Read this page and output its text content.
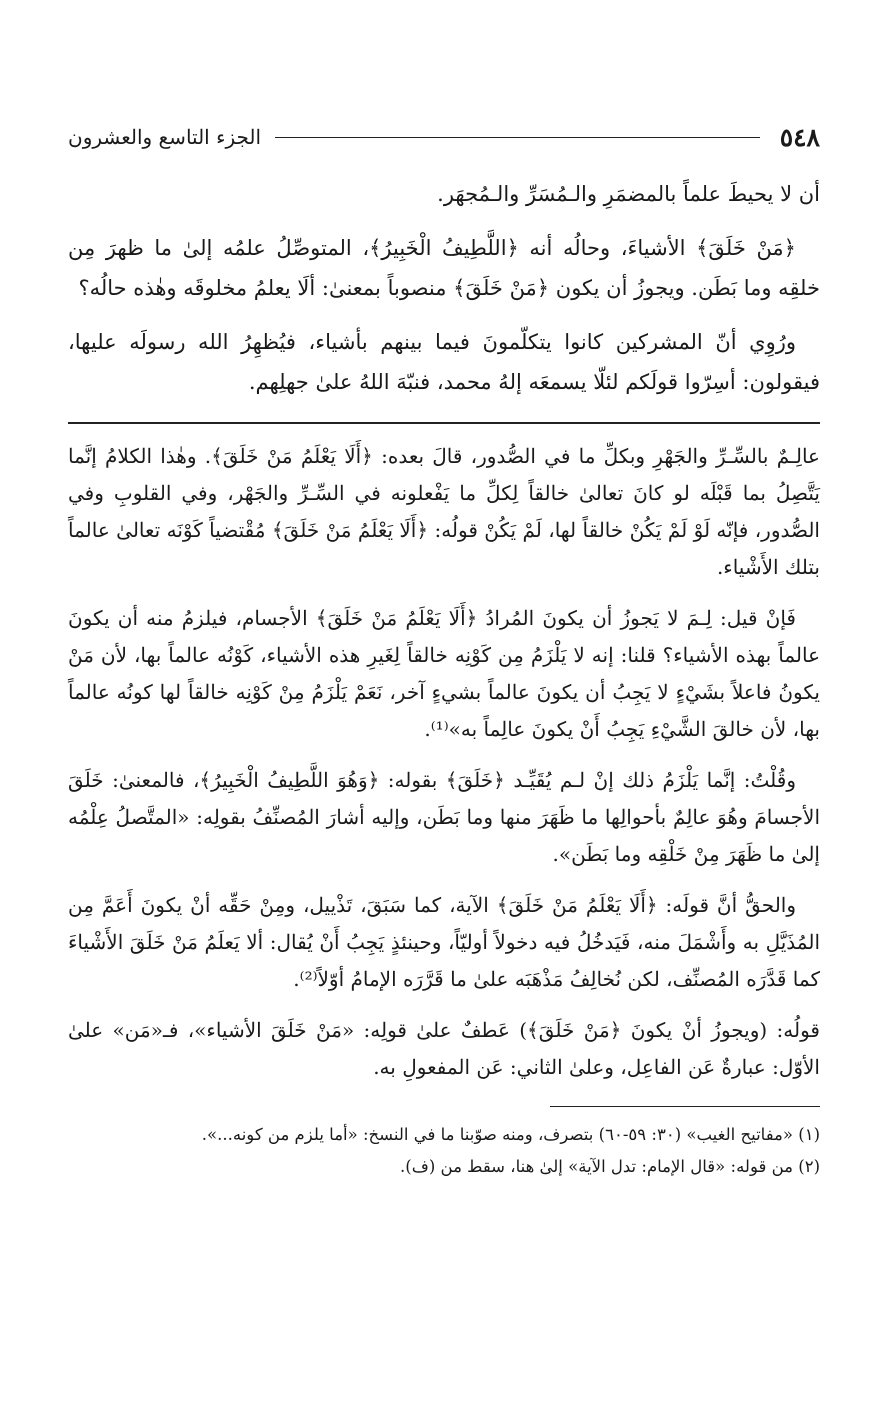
٥٤٨
الجزء التاسع والعشرون

أن لا يحيطَ علماً بالمضمَرِ والـمُسَرِّ والـمُجهَر.

﴿مَنْ خَلَقَ﴾ الأشياءَ، وحالُه أنه ﴿اللَّطِيفُ الْخَبِيرُ﴾، المتوصِّلُ علمُه إلىٰ ما ظهرَ مِن خلقِه وما بَطَن. ويجوزُ أن يكون ﴿مَنْ خَلَقَ﴾ منصوباً بمعنىٰ: ألَا يعلمُ مخلوقَه وهٰذه حالُه؟

ورُوِي أنّ المشركين كانوا يتكلّمونَ فيما بينهم بأشياء، فيُظهِرُ الله رسولَه عليها، فيقولون: أسِرّوا قولَكم لئلّا يسمعَه إلهُ محمد، فنبّهَ اللهُ علىٰ جهلِهم.

عالِـمٌ بالسِّـرِّ والجَهْرِ وبكلِّ ما في الصُّدور، قالَ بعده: ﴿أَلَا يَعْلَمُ مَنْ خَلَقَ﴾. وهٰذا الكلامُ إنَّما يَتَّصِلُ بما قَبْلَه لو كانَ تعالىٰ خالقاً لِكلِّ ما يَفْعلونه في السِّـرِّ والجَهْر، وفي القلوبِ وفي الصُّدور، فإنّه لَوْ لَمْ يَكُنْ خالقاً لها، لَمْ يَكُنْ قولُه: ﴿أَلَا يَعْلَمُ مَنْ خَلَقَ﴾ مُقْتضياً كَوْنَه تعالىٰ عالماً بتلك الأَشْياء.

فَإنْ قيل: لِـمَ لا يَجوزُ أن يكونَ المُرادُ ﴿أَلَا يَعْلَمُ مَنْ خَلَقَ﴾ الأجسام، فيلزمُ منه أن يكونَ عالماً بهذه الأشياء؟ قلنا: إنه لا يَلْزَمُ مِن كَوْنِه خالقاً لِغَيرِ هذه الأشياء، كَوْنُه عالماً بها، لأن مَنْ يكونُ فاعلاً بشَيْءٍ لا يَجِبُ أن يكونَ عالماً بشيءٍ آخر، نَعَمْ يَلْزَمُ مِنْ كَوْنِه خالقاً لها كونُه عالماً بها، لأن خالقَ الشَّيْءِ يَجِبُ أَنْ يكونَ عالِماً به»⁽¹⁾.

وقُلْتُ: إنَّما يَلْزَمُ ذلك إنْ لـم يُقَيِّـد ﴿خَلَقَ﴾ بقوله: ﴿وَهُوَ اللَّطِيفُ الْخَبِيرُ﴾، فالمعنىٰ: خَلَقَ الأجسامَ وهُوَ عالِمٌ بأحوالِها ما ظَهَرَ منها وما بَطَن، وإليه أشارَ المُصنِّفُ بقولِه: «المتَّصلُ عِلْمُه إلىٰ ما ظَهَرَ مِنْ خَلْقِه وما بَطَن».

والحقُّ أنَّ قولَه: ﴿أَلَا يَعْلَمُ مَنْ خَلَقَ﴾ الآية، كما سَبَقَ، تَذْييل، ومِنْ حَقِّه أنْ يكونَ أَعَمَّ مِن المُذَيَّلِ به وأَشْمَلَ منه، فَيَدخُلُ فيه دخولاً أوليّاً، وحينئذٍ يَجِبُ أَنْ يُقال: ألا يَعلَمُ مَنْ خَلَقَ الأَشْياءَ كما قَدَّرَه المُصنِّف، لكن نُخالِفُ مَذْهَبَه علىٰ ما قَرَّرَه الإمامُ أوّلاً⁽²⁾.

قولُه: (ويجوزُ أنْ يكونَ ﴿مَنْ خَلَقَ﴾) عَطفٌ علىٰ قولِه: «مَنْ خَلَقَ الأشياء»، فـ«مَن» علىٰ الأوّل: عبارةٌ عَن الفاعِل، وعلىٰ الثاني: عَن المفعولِ به.

(١) «مفاتيح الغيب» (٣٠: ٥٩-٦٠) بتصرف، ومنه صوّبنا ما في النسخ: «أما يلزم من كونه...».

(٢) من قوله: «قال الإمام: تدل الآية» إلىٰ هنا، سقط من (ف).
